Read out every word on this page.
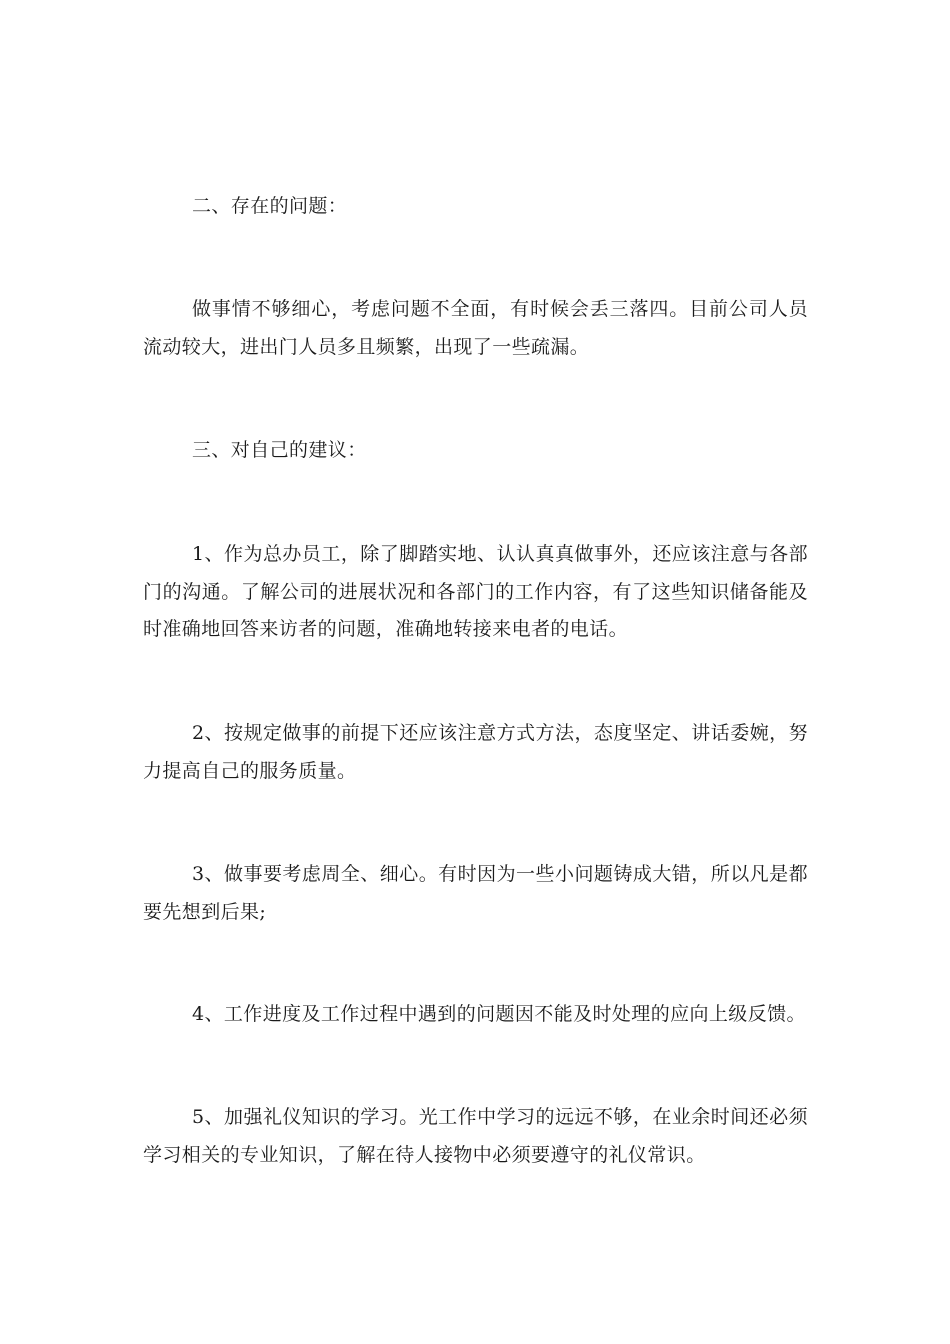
二、存在的问题：

做事情不够细心，考虑问题不全面，有时候会丢三落四。目前公司人员流动较大，进出门人员多且频繁，出现了一些疏漏。

三、对自己的建议：

1、作为总办员工，除了脚踏实地、认认真真做事外，还应该注意与各部门的沟通。了解公司的进展状况和各部门的工作内容，有了这些知识储备能及时准确地回答来访者的问题，准确地转接来电者的电话。

2、按规定做事的前提下还应该注意方式方法，态度坚定、讲话委婉，努力提高自己的服务质量。

3、做事要考虑周全、细心。有时因为一些小问题铸成大错，所以凡是都要先想到后果;

4、工作进度及工作过程中遇到的问题因不能及时处理的应向上级反馈。

5、加强礼仪知识的学习。光工作中学习的远远不够，在业余时间还必须学习相关的专业知识，了解在待人接物中必须要遵守的礼仪常识。
